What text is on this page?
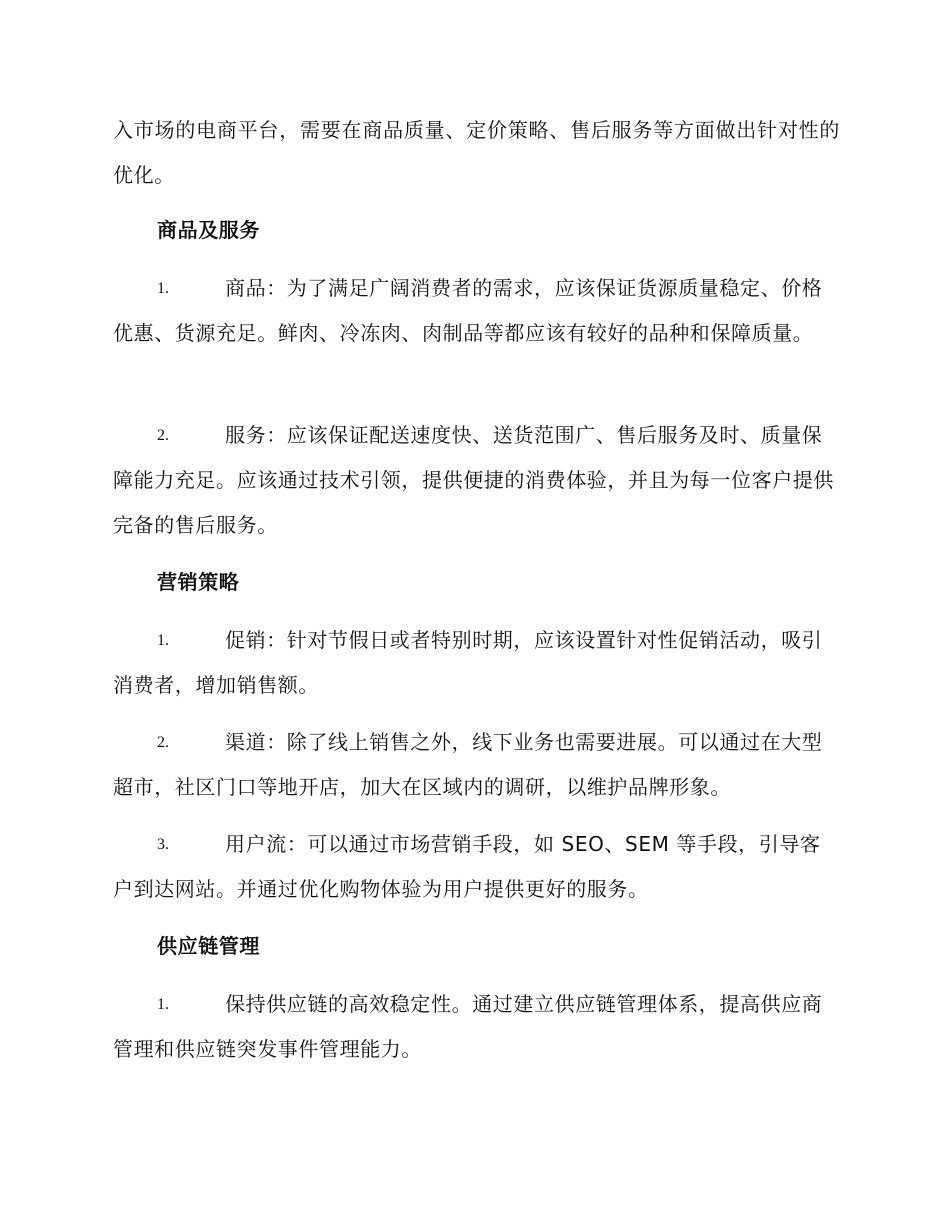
入市场的电商平台，需要在商品质量、定价策略、售后服务等方面做出针对性的优化。

商品及服务
1.	商品：为了满足广阔消费者的需求，应该保证货源质量稳定、价格优惠、货源充足。鲜肉、冷冻肉、肉制品等都应该有较好的品种和保障质量。

2.	服务：应该保证配送速度快、送货范围广、售后服务及时、质量保障能力充足。应该通过技术引领，提供便捷的消费体验，并且为每一位客户提供完备的售后服务。

营销策略
1.	促销：针对节假日或者特别时期，应该设置针对性促销活动，吸引消费者，增加销售额。

2.	渠道：除了线上销售之外，线下业务也需要进展。可以通过在大型超市，社区门口等地开店，加大在区域内的调研，以维护品牌形象。

3.	用户流：可以通过市场营销手段，如 SEO、SEM 等手段，引导客户到达网站。并通过优化购物体验为用户提供更好的服务。

供应链管理
1.	保持供应链的高效稳定性。通过建立供应链管理体系，提高供应商管理和供应链突发事件管理能力。
